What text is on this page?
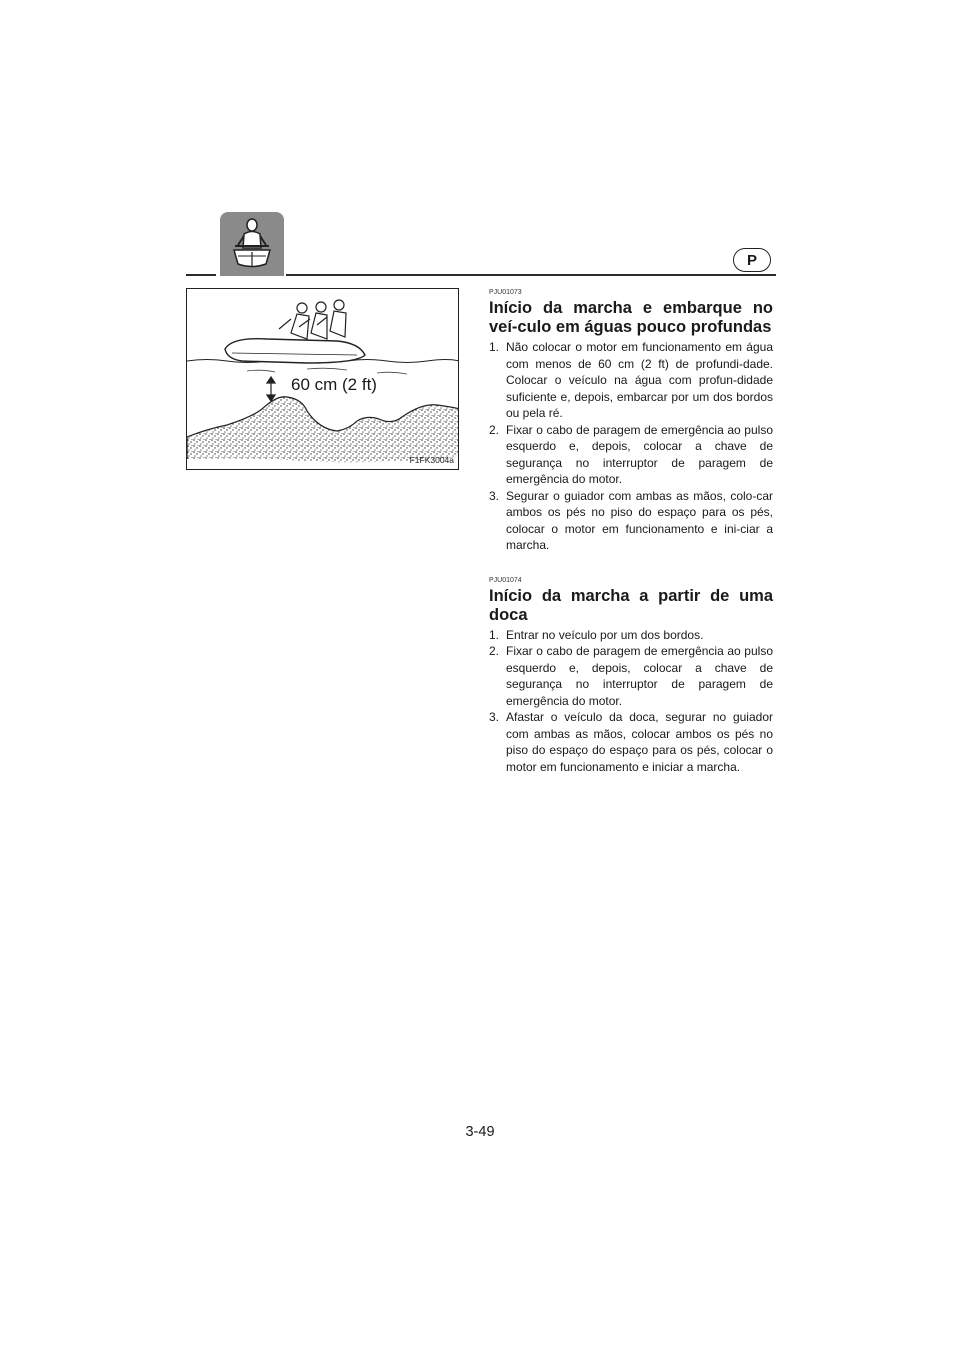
P
60 cm (2 ft)
F1FK3004a

PJU01073

Início da marcha e embarque no veí-culo em águas pouco profundas
1. Não colocar o motor em funcionamento em água com menos de 60 cm (2 ft) de profundi-dade. Colocar o veículo na água com profun-didade suficiente e, depois, embarcar por um dos bordos ou pela ré.
2. Fixar o cabo de paragem de emergência ao pulso esquerdo e, depois, colocar a chave de segurança no interruptor de paragem de emergência do motor.
3. Segurar o guiador com ambas as mãos, colo-car ambos os pés no piso do espaço para os pés, colocar o motor em funcionamento e ini-ciar a marcha.

PJU01074

Início da marcha a partir de uma doca
1. Entrar no veículo por um dos bordos.
2. Fixar o cabo de paragem de emergência ao pulso esquerdo e, depois, colocar a chave de segurança no interruptor de paragem de emergência do motor.
3. Afastar o veículo da doca, segurar no guiador com ambas as mãos, colocar ambos os pés no piso do espaço do espaço para os pés, colocar o motor em funcionamento e iniciar a marcha.
3-49
